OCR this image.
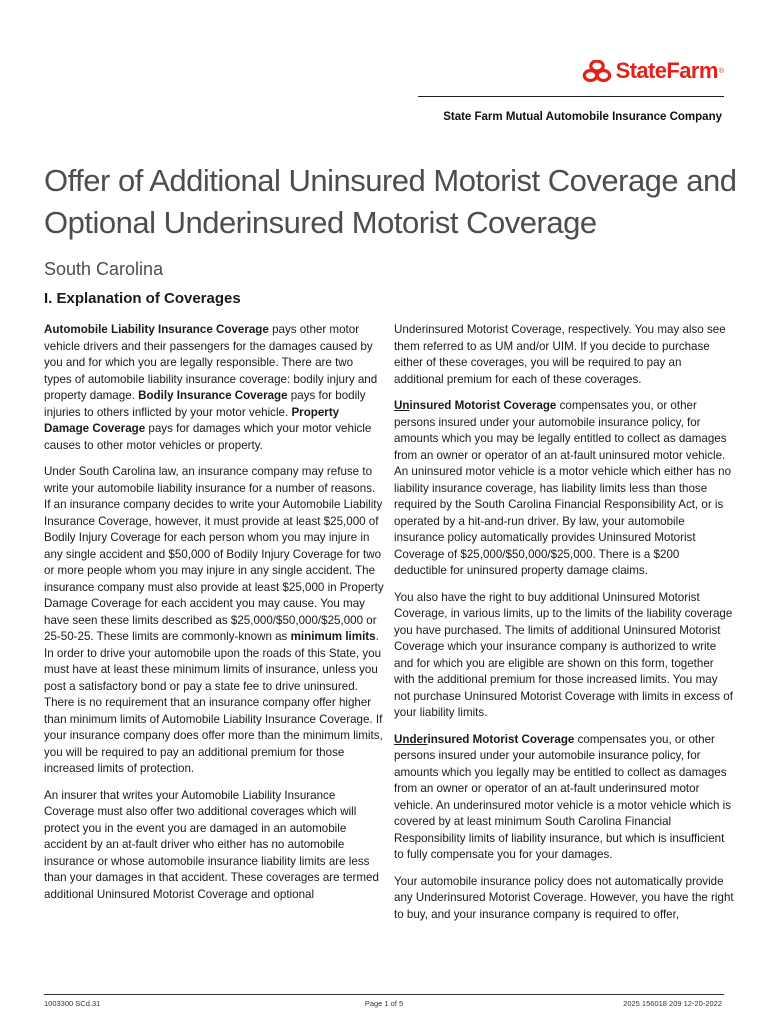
StateFarm ®
State Farm Mutual Automobile Insurance Company
Offer of Additional Uninsured Motorist Coverage and Optional Underinsured Motorist Coverage
South Carolina
I. Explanation of Coverages

Automobile Liability Insurance Coverage pays other motor vehicle drivers and their passengers for the damages caused by you and for which you are legally responsible. There are two types of automobile liability insurance coverage: bodily injury and property damage. Bodily Insurance Coverage pays for bodily injuries to others inflicted by your motor vehicle. Property Damage Coverage pays for damages which your motor vehicle causes to other motor vehicles or property.

Under South Carolina law, an insurance company may refuse to write your automobile liability insurance for a number of reasons. If an insurance company decides to write your Automobile Liability Insurance Coverage, however, it must provide at least $25,000 of Bodily Injury Coverage for each person whom you may injure in any single accident and $50,000 of Bodily Injury Coverage for two or more people whom you may injure in any single accident. The insurance company must also provide at least $25,000 in Property Damage Coverage for each accident you may cause. You may have seen these limits described as $25,000/$50,000/$25,000 or 25-50-25. These limits are commonly-known as minimum limits. In order to drive your automobile upon the roads of this State, you must have at least these minimum limits of insurance, unless you post a satisfactory bond or pay a state fee to drive uninsured. There is no requirement that an insurance company offer higher than minimum limits of Automobile Liability Insurance Coverage. If your insurance company does offer more than the minimum limits, you will be required to pay an additional premium for those increased limits of protection.

An insurer that writes your Automobile Liability Insurance Coverage must also offer two additional coverages which will protect you in the event you are damaged in an automobile accident by an at-fault driver who either has no automobile insurance or whose automobile insurance liability limits are less than your damages in that accident. These coverages are termed additional Uninsured Motorist Coverage and optional

Underinsured Motorist Coverage, respectively. You may also see them referred to as UM and/or UIM. If you decide to purchase either of these coverages, you will be required to pay an additional premium for each of these coverages.

Uninsured Motorist Coverage compensates you, or other persons insured under your automobile insurance policy, for amounts which you may be legally entitled to collect as damages from an owner or operator of an at-fault uninsured motor vehicle. An uninsured motor vehicle is a motor vehicle which either has no liability insurance coverage, has liability limits less than those required by the South Carolina Financial Responsibility Act, or is operated by a hit-and-run driver. By law, your automobile insurance policy automatically provides Uninsured Motorist Coverage of $25,000/$50,000/$25,000. There is a $200 deductible for uninsured property damage claims.

You also have the right to buy additional Uninsured Motorist Coverage, in various limits, up to the limits of the liability coverage you have purchased. The limits of additional Uninsured Motorist Coverage which your insurance company is authorized to write and for which you are eligible are shown on this form, together with the additional premium for those increased limits. You may not purchase Uninsured Motorist Coverage with limits in excess of your liability limits.

Underinsured Motorist Coverage compensates you, or other persons insured under your automobile insurance policy, for amounts which you legally may be entitled to collect as damages from an owner or operator of an at-fault underinsured motor vehicle. An underinsured motor vehicle is a motor vehicle which is covered by at least minimum South Carolina Financial Responsibility limits of liability insurance, but which is insufficient to fully compensate you for your damages.

Your automobile insurance policy does not automatically provide any Underinsured Motorist Coverage. However, you have the right to buy, and your insurance company is required to offer,

1003300 SCd.31	Page 1 of 5	2025 156018 209 12-20-2022
